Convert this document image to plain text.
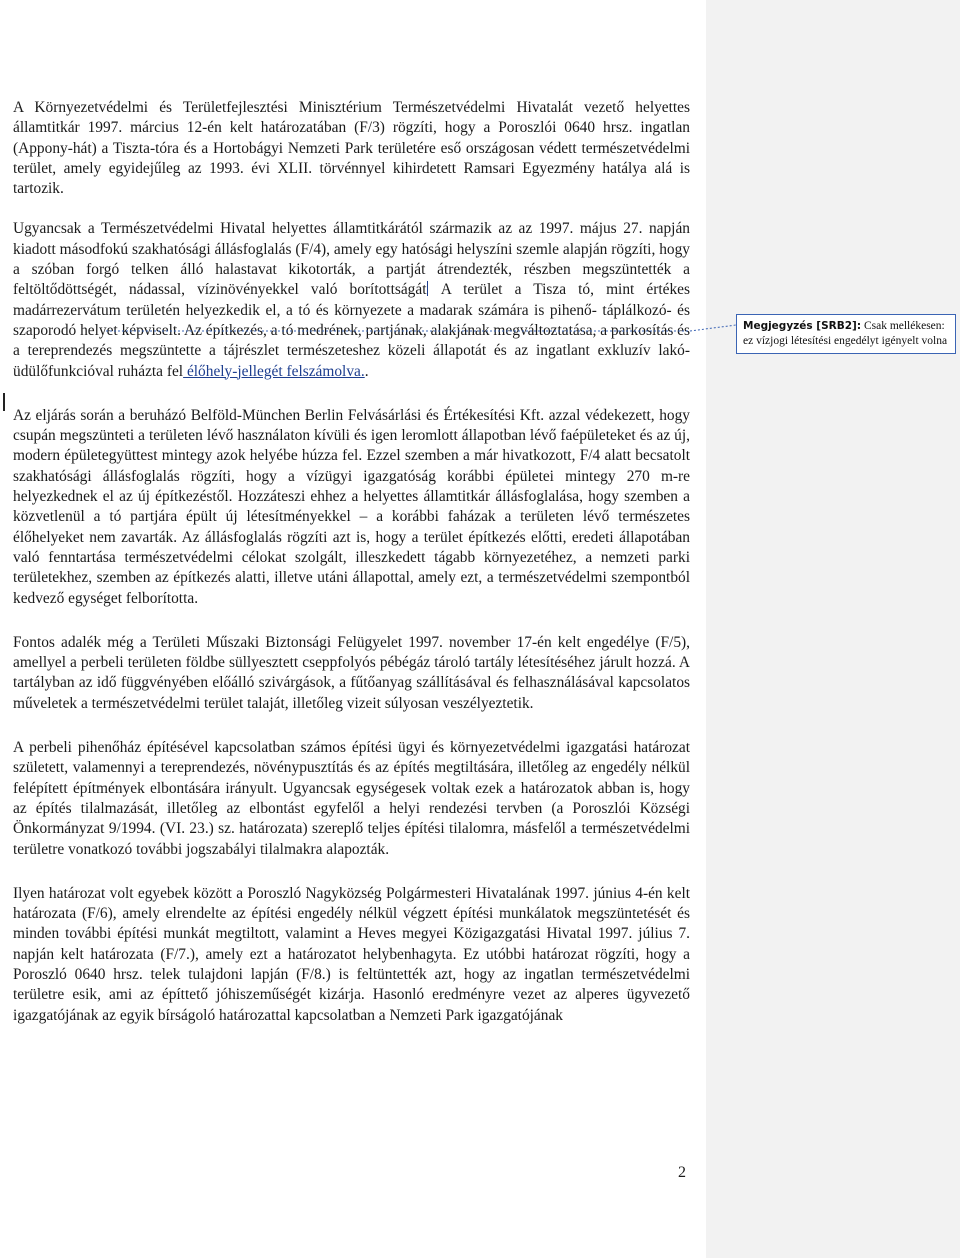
A Környezetvédelmi és Területfejlesztési Minisztérium Természetvédelmi Hivatalát vezető helyettes államtitkár 1997. március 12-én kelt határozatában (F/3) rögzíti, hogy a Poroszlói 0640 hrsz. ingatlan (Appony-hát) a Tiszta-tóra és a Hortobágyi Nemzeti Park területére eső országosan védett természetvédelmi terület, amely egyidejűleg az 1993. évi XLII. törvénnyel kihirdetett Ramsari Egyezmény hatálya alá is tartozik.

Ugyancsak a Természetvédelmi Hivatal helyettes államtitkárától származik az az 1997. május 27. napján kiadott másodfokú szakhatósági állásfoglalás (F/4), amely egy hatósági helyszíni szemle alapján rögzíti, hogy a szóban forgó telken álló halastavat kikotorták, a partját átrendezték, részben megszüntették a feltöltődöttségét, nádassal, vízinövényekkel való borítottságát A terület a Tisza tó, mint értékes madárrezervátum területén helyezkedik el, a tó és környezete a madarak számára is pihenő- táplálkozó- és szaporodó helyet képviselt. Az építkezés, a tó medrének, partjának, alakjának megváltoztatása, a parkosítás és a tereprendezés megszüntette a tájrészlet természeteshez közeli állapotát és az ingatlant exkluzív lakó-üdülőfunkcióval ruházta fel élőhely-jellegét felszámolva..

Az eljárás során a beruházó Belföld-München Berlin Felvásárlási és Értékesítési Kft. azzal védekezett, hogy csupán megszünteti a területen lévő használaton kívüli és igen leromlott állapotban lévő faépületeket és az új, modern épületegyüttest mintegy azok helyébe húzza fel. Ezzel szemben a már hivatkozott, F/4 alatt becsatolt szakhatósági állásfoglalás rögzíti, hogy a vízügyi igazgatóság korábbi épületei mintegy 270 m-re helyezkednek el az új építkezéstől. Hozzáteszi ehhez a helyettes államtitkár állásfoglalása, hogy szemben a közvetlenül a tó partjára épült új létesítményekkel – a korábbi faházak a területen lévő természetes élőhelyeket nem zavarták. Az állásfoglalás rögzíti azt is, hogy a terület építkezés előtti, eredeti állapotában való fenntartása természetvédelmi célokat szolgált, illeszkedett tágabb környezetéhez, a nemzeti parki területekhez, szemben az építkezés alatti, illetve utáni állapottal, amely ezt, a természetvédelmi szempontból kedvező egységet felborította.

Fontos adalék még a Területi Műszaki Biztonsági Felügyelet 1997. november 17-én kelt engedélye (F/5), amellyel a perbeli területen földbe süllyesztett cseppfolyós pébégáz tároló tartály létesítéséhez járult hozzá. A tartályban az idő függvényében előálló szivárgások, a fűtőanyag szállításával és felhasználásával kapcsolatos műveletek a természetvédelmi terület talaját, illetőleg vizeit súlyosan veszélyeztetik.

A perbeli pihenőház építésével kapcsolatban számos építési ügyi és környezetvédelmi igazgatási határozat született, valamennyi a tereprendezés, növénypusztítás és az építés megtiltására, illetőleg az engedély nélkül felépített építmények elbontására irányult. Ugyancsak egységesek voltak ezek a határozatok abban is, hogy az építés tilalmazását, illetőleg az elbontást egyfelől a helyi rendezési tervben (a Poroszlói Községi Önkormányzat 9/1994. (VI. 23.) sz. határozata) szereplő teljes építési tilalomra, másfelől a természetvédelmi területre vonatkozó további jogszabályi tilalmakra alapozták.

Ilyen határozat volt egyebek között a Poroszló Nagyközség Polgármesteri Hivatalának 1997. június 4-én kelt határozata (F/6), amely elrendelte az építési engedély nélkül végzett építési munkálatok megszüntetését és minden további építési munkát megtiltott, valamint a Heves megyei Közigazgatási Hivatal 1997. július 7. napján kelt határozata (F/7.), amely ezt a határozatot helybenhagyta. Ez utóbbi határozat rögzíti, hogy a Poroszló 0640 hrsz. telek tulajdoni lapján (F/8.) is feltüntették azt, hogy az ingatlan természetvédelmi területre esik, ami az építtető jóhiszeműségét kizárja. Hasonló eredményre vezet az alperes ügyvezető igazgatójának az egyik bírságoló határozattal kapcsolatban a Nemzeti Park igazgatójának

Megjegyzés [SRB2]: Csak mellékesen: ez vízjogi létesítési engedélyt igényelt volna
2
